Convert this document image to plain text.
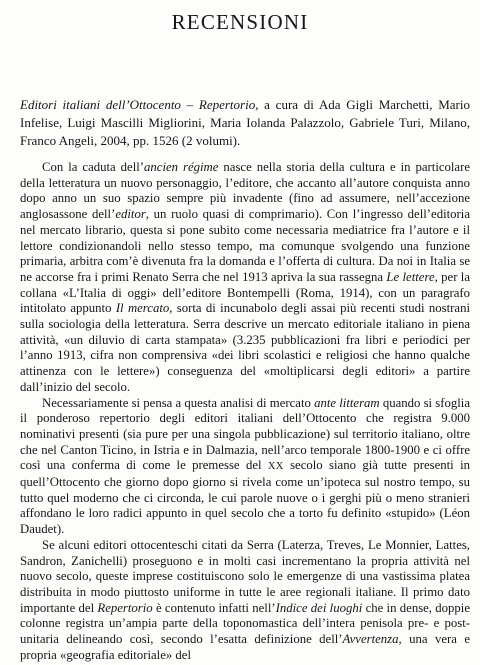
RECENSIONI
Editori italiani dell’Ottocento – Repertorio, a cura di Ada Gigli Marchetti, Mario Infelise, Luigi Mascilli Migliorini, Maria Iolanda Palazzolo, Gabriele Turi, Milano, Franco Angeli, 2004, pp. 1526 (2 volumi).

Con la caduta dell’ancien régime nasce nella storia della cultura e in particolare della letteratura un nuovo personaggio, l’editore, che accanto all’autore conquista anno dopo anno un suo spazio sempre più invadente (fino ad assumere, nell’accezione anglosassone dell’editor, un ruolo quasi di comprimario). Con l’ingresso dell’editoria nel mercato librario, questa si pone subito come necessaria mediatrice fra l’autore e il lettore condizionandoli nello stesso tempo, ma comunque svolgendo una funzione primaria, arbitra com’è divenuta fra la domanda e l’offerta di cultura. Da noi in Italia se ne accorse fra i primi Renato Serra che nel 1913 apriva la sua rassegna Le lettere, per la collana «L’Italia di oggi» dell’editore Bontempelli (Roma, 1914), con un paragrafo intitolato appunto Il mercato, sorta di incunabolo degli assai più recenti studi nostrani sulla sociologia della letteratura. Serra descrive un mercato editoriale italiano in piena attività, «un diluvio di carta stampata» (3.235 pubblicazioni fra libri e periodici per l’anno 1913, cifra non comprensiva «dei libri scolastici e religiosi che hanno qualche attinenza con le lettere») conseguenza del «moltiplicarsi degli editori» a partire dall’inizio del secolo.

Necessariamente si pensa a questa analisi di mercato ante litteram quando si sfoglia il ponderoso repertorio degli editori italiani dell’Ottocento che registra 9.000 nominativi presenti (sia pure per una singola pubblicazione) sul territorio italiano, oltre che nel Canton Ticino, in Istria e in Dalmazia, nell’arco temporale 1800-1900 e ci offre così una conferma di come le premesse del XX secolo siano già tutte presenti in quell’Ottocento che giorno dopo giorno si rivela come un’ipoteca sul nostro tempo, su tutto quel moderno che ci circonda, le cui parole nuove o i gerghi più o meno stranieri affondano le loro radici appunto in quel secolo che a torto fu definito «stupido» (Léon Daudet).

Se alcuni editori ottocenteschi citati da Serra (Laterza, Treves, Le Monnier, Lattes, Sandron, Zanichelli) proseguono e in molti casi incrementano la propria attività nel nuovo secolo, queste imprese costituiscono solo le emergenze di una vastissima platea distribuita in modo piuttosto uniforme in tutte le aree regionali italiane. Il primo dato importante del Repertorio è contenuto infatti nell’Indice dei luoghi che in dense, doppie colonne registra un’ampia parte della toponomastica dell’intera penisola pre- e post- unitaria delineando così, secondo l’esatta definizione dell’Avvertenza, una vera e propria «geografia editoriale» del
